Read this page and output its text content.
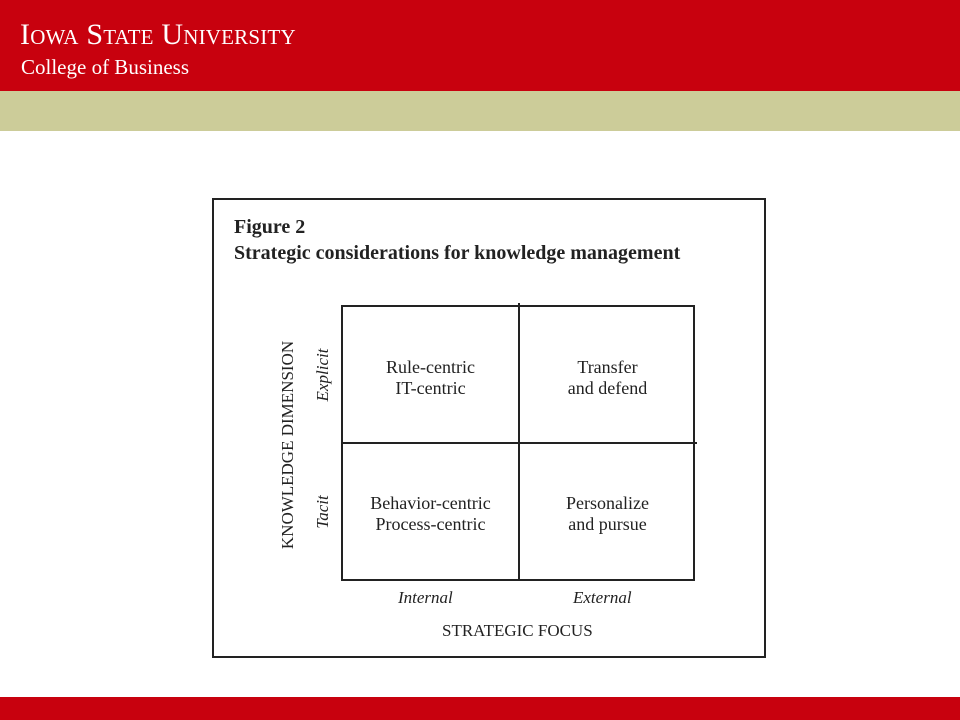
Iowa State University
College of Business
Figure 2
Strategic considerations for knowledge management
Rule-centric
IT-centric
Transfer
and defend
Behavior-centric
Process-centric
Personalize
and pursue
Internal	External
STRATEGIC FOCUS
KNOWLEDGE DIMENSION Explicit
Tacit
